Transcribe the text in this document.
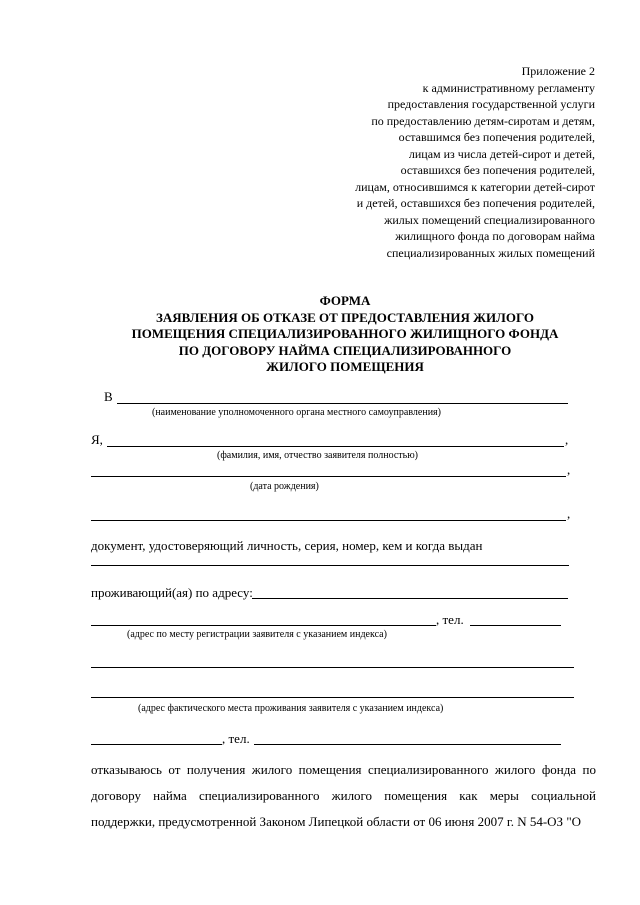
Приложение 2
к административному регламенту
предоставления государственной услуги
по предоставлению детям-сиротам и детям,
оставшимся без попечения родителей,
лицам из числа детей-сирот и детей,
оставшихся без попечения родителей,
лицам, относившимся к категории детей-сирот
и детей, оставшихся без попечения родителей,
жилых помещений специализированного
жилищного фонда по договорам найма
специализированных жилых помещений
ФОРМА
ЗАЯВЛЕНИЯ ОБ ОТКАЗЕ ОТ ПРЕДОСТАВЛЕНИЯ ЖИЛОГО
ПОМЕЩЕНИЯ СПЕЦИАЛИЗИРОВАННОГО ЖИЛИЩНОГО ФОНДА
ПО ДОГОВОРУ НАЙМА СПЕЦИАЛИЗИРОВАННОГО
ЖИЛОГО ПОМЕЩЕНИЯ
В
(наименование уполномоченного органа местного самоуправления)
Я,	,
(фамилия, имя, отчество заявителя полностью)
,
(дата рождения)
,
документ, удостоверяющий личность, серия, номер, кем и когда выдан
проживающий(ая) по адресу:
, тел.
(адрес по месту регистрации заявителя с указанием индекса)
(адрес фактического места проживания заявителя с указанием индекса)
, тел.
отказываюсь от получения жилого помещения специализированного жилого фонда по договору найма специализированного жилого помещения как меры социальной поддержки, предусмотренной Законом Липецкой области от 06 июня 2007 г. N 54-ОЗ "О
